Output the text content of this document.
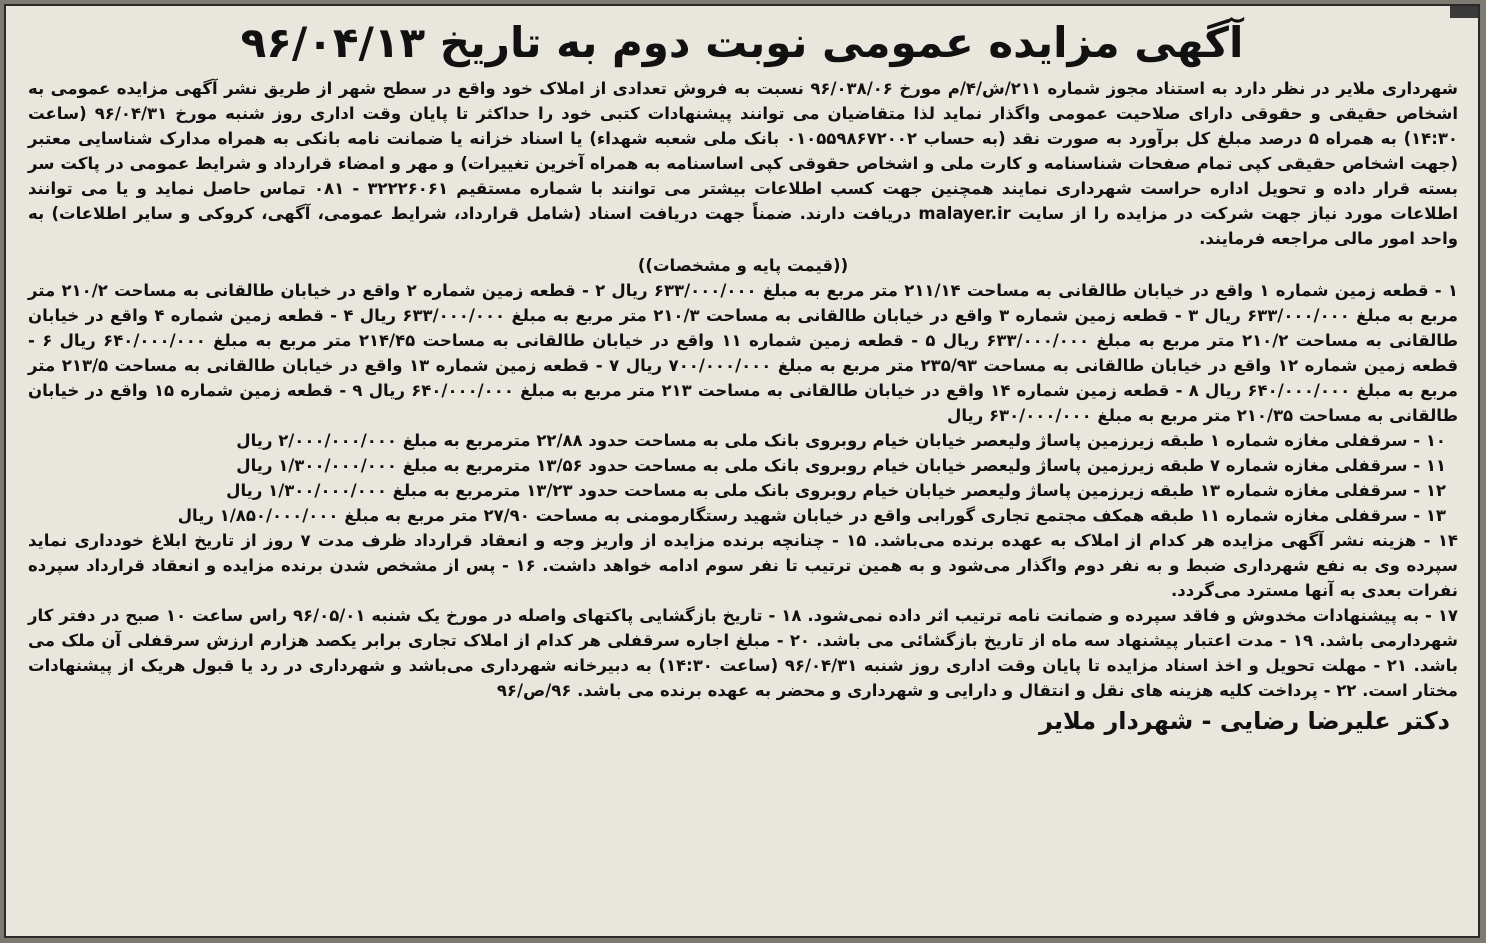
آگهی مزایده عمومی نوبت دوم به تاریخ ۹۶/۰۴/۱۳

شهرداری ملایر در نظر دارد به استناد مجوز شماره ۲۱۱/ش/۴/م مورخ ۹۶/۰۳۸/۰۶ نسبت به فروش تعدادی از املاک خود واقع در سطح شهر از طریق نشر آگهی مزایده عمومی به اشخاص حقیقی و حقوقی دارای صلاحیت عمومی واگذار نماید لذا متقاضیان می توانند پیشنهادات کتبی خود را حداکثر تا پایان وقت اداری روز شنبه مورخ ۹۶/۰۴/۳۱ (ساعت ۱۴:۳۰) به همراه ۵ درصد مبلغ کل برآورد به صورت نقد (به حساب ۰۱۰۵۵۹۸۶۷۲۰۰۲ بانک ملی شعبه شهداء) یا اسناد خزانه یا ضمانت نامه بانکی به همراه مدارک شناسایی معتبر (جهت اشخاص حقیقی کپی تمام صفحات شناسنامه و کارت ملی و اشخاص حقوقی کپی اساسنامه به همراه آخرین تغییرات) و مهر و امضاء قرارداد و شرایط عمومی در پاکت سر بسته قرار داده و تحویل اداره حراست شهرداری نمایند همچنین جهت کسب اطلاعات بیشتر می توانند با شماره مستقیم ۳۲۲۲۶۰۶۱ - ۰۸۱ تماس حاصل نماید و یا می توانند اطلاعات مورد نیاز جهت شرکت در مزایده را از سایت malayer.ir دریافت دارند. ضمناً جهت دریافت اسناد (شامل قرارداد، شرایط عمومی، آگهی، کروکی و سایر اطلاعات) به واحد امور مالی مراجعه فرمایند.

((قیمت پایه و مشخصات))

۱ - قطعه زمین شماره ۱ واقع در خیابان طالقانی به مساحت ۲۱۱/۱۴ متر مربع به مبلغ ۶۳۳/۰۰۰/۰۰۰ ریال ۲ - قطعه زمین شماره ۲ واقع در خیابان طالقانی به مساحت ۲۱۰/۲ متر مربع به مبلغ ۶۳۳/۰۰۰/۰۰۰ ریال ۳ - قطعه زمین شماره ۳ واقع در خیابان طالقانی به مساحت ۲۱۰/۳ متر مربع به مبلغ ۶۳۳/۰۰۰/۰۰۰ ریال ۴ - قطعه زمین شماره ۴ واقع در خیابان طالقانی به مساحت ۲۱۰/۲ متر مربع به مبلغ ۶۳۳/۰۰۰/۰۰۰ ریال ۵ - قطعه زمین شماره ۱۱ واقع در خیابان طالقانی به مساحت ۲۱۴/۴۵ متر مربع به مبلغ ۶۴۰/۰۰۰/۰۰۰ ریال ۶ - قطعه زمین شماره ۱۲ واقع در خیابان طالقانی به مساحت ۲۳۵/۹۳ متر مربع به مبلغ ۷۰۰/۰۰۰/۰۰۰ ریال ۷ - قطعه زمین شماره ۱۳ واقع در خیابان طالقانی به مساحت ۲۱۳/۵ متر مربع به مبلغ ۶۴۰/۰۰۰/۰۰۰ ریال ۸ - قطعه زمین شماره ۱۴ واقع در خیابان طالقانی به مساحت ۲۱۳ متر مربع به مبلغ ۶۴۰/۰۰۰/۰۰۰ ریال ۹ - قطعه زمین شماره ۱۵ واقع در خیابان طالقانی به مساحت ۲۱۰/۳۵ متر مربع به مبلغ ۶۳۰/۰۰۰/۰۰۰ ریال

۱۰ - سرقفلی مغازه شماره ۱ طبقه زیرزمین پاساژ ولیعصر خیابان خیام روبروی بانک ملی به مساحت حدود ۲۲/۸۸ مترمربع به مبلغ ۲/۰۰۰/۰۰۰/۰۰۰ ریال

۱۱ - سرقفلی مغازه شماره ۷ طبقه زیرزمین پاساژ ولیعصر خیابان خیام روبروی بانک ملی به مساحت حدود ۱۳/۵۶ مترمربع به مبلغ ۱/۳۰۰/۰۰۰/۰۰۰ ریال

۱۲ - سرقفلی مغازه شماره ۱۳ طبقه زیرزمین پاساژ ولیعصر خیابان خیام روبروی بانک ملی به مساحت حدود ۱۳/۲۳ مترمربع به مبلغ ۱/۳۰۰/۰۰۰/۰۰۰ ریال

۱۳ - سرقفلی مغازه شماره ۱۱ طبقه همکف مجتمع تجاری گورابی واقع در خیابان شهید رستگارمومنی به مساحت ۲۷/۹۰ متر مربع به مبلغ ۱/۸۵۰/۰۰۰/۰۰۰ ریال

۱۴ - هزینه نشر آگهی مزایده هر کدام از املاک به عهده برنده می‌باشد. ۱۵ - چنانچه برنده مزایده از واریز وجه و انعقاد قرارداد ظرف مدت ۷ روز از تاریخ ابلاغ خودداری نماید سپرده وی به نفع شهرداری ضبط و به نفر دوم واگذار می‌شود و به همین ترتیب تا نفر سوم ادامه خواهد داشت. ۱۶ - پس از مشخص شدن برنده مزایده و انعقاد قرارداد سپرده نفرات بعدی به آنها مسترد می‌گردد.

۱۷ - به پیشنهادات مخدوش و فاقد سپرده و ضمانت نامه ترتیب اثر داده نمی‌شود. ۱۸ - تاریخ بازگشایی پاکتهای واصله در مورخ یک شنبه ۹۶/۰۵/۰۱ راس ساعت ۱۰ صبح در دفتر کار شهردارمی باشد. ۱۹ - مدت اعتبار پیشنهاد سه ماه از تاریخ بازگشائی می باشد. ۲۰ - مبلغ اجاره سرقفلی هر کدام از املاک تجاری برابر یکصد هزارم ارزش سرقفلی آن ملک می باشد. ۲۱ - مهلت تحویل و اخذ اسناد مزایده تا پایان وقت اداری روز شنبه ۹۶/۰۴/۳۱ (ساعت ۱۴:۳۰) به دبیرخانه شهرداری می‌باشد و شهرداری در رد یا قبول هریک از پیشنهادات مختار است. ۲۲ - پرداخت کلیه هزینه های نقل و انتقال و دارایی و شهرداری و محضر به عهده برنده می باشد. ۹۶/ص/۹۶

دکتر علیرضا رضایی - شهردار ملایر
